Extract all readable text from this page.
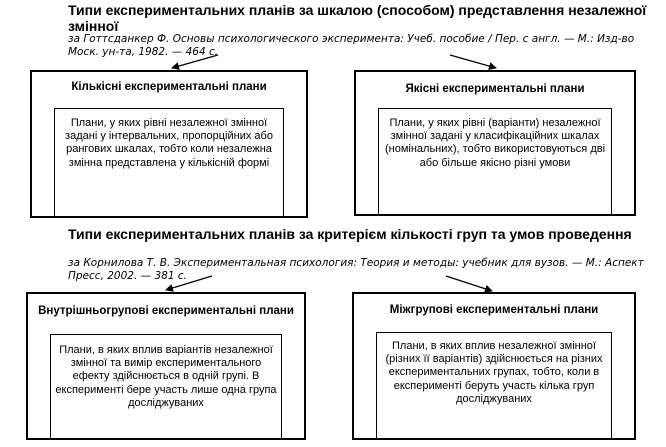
Типи експериментальних планів за шкалою (способом) представлення незалежної змінної

за Готтсданкер Ф. Основы психологического эксперимента: Учеб. пособие / Пер. с англ. — М.: Изд-во Моск. ун-та, 1982. — 464 с.

Кількісні експериментальні плани
Плани, у яких рівні незалежної змінної задані у інтервальних, пропорційних або рангових шкалах, тобто коли незалежна змінна представлена у кількісній формі
Якісні експериментальні плани
Плани, у яких рівні (варіанти) незалежної змінної задані у класифікаційних шкалах (номінальних), тобто використовуються дві або більше якісно різні умови

Типи експериментальних планів за критерієм кількості груп та умов проведення

за Корнилова Т. В. Экспериментальная психология: Теория и методы: учебник для вузов. — М.: Аспект Пресс, 2002. — 381 с.

Внутрішньогрупові експериментальні плани
Плани, в яких вплив варіантів незалежної змінної та вимір експериментального ефекту здійснюється в одній групі. В експерименті бере участь лише одна група досліджуваних
Міжгрупові експериментальні плани
Плани, в яких вплив незалежної змінної (різних її варіантів) здійснюється на різних експериментальних групах, тобто, коли в експерименті беруть участь кілька груп досліджуваних
